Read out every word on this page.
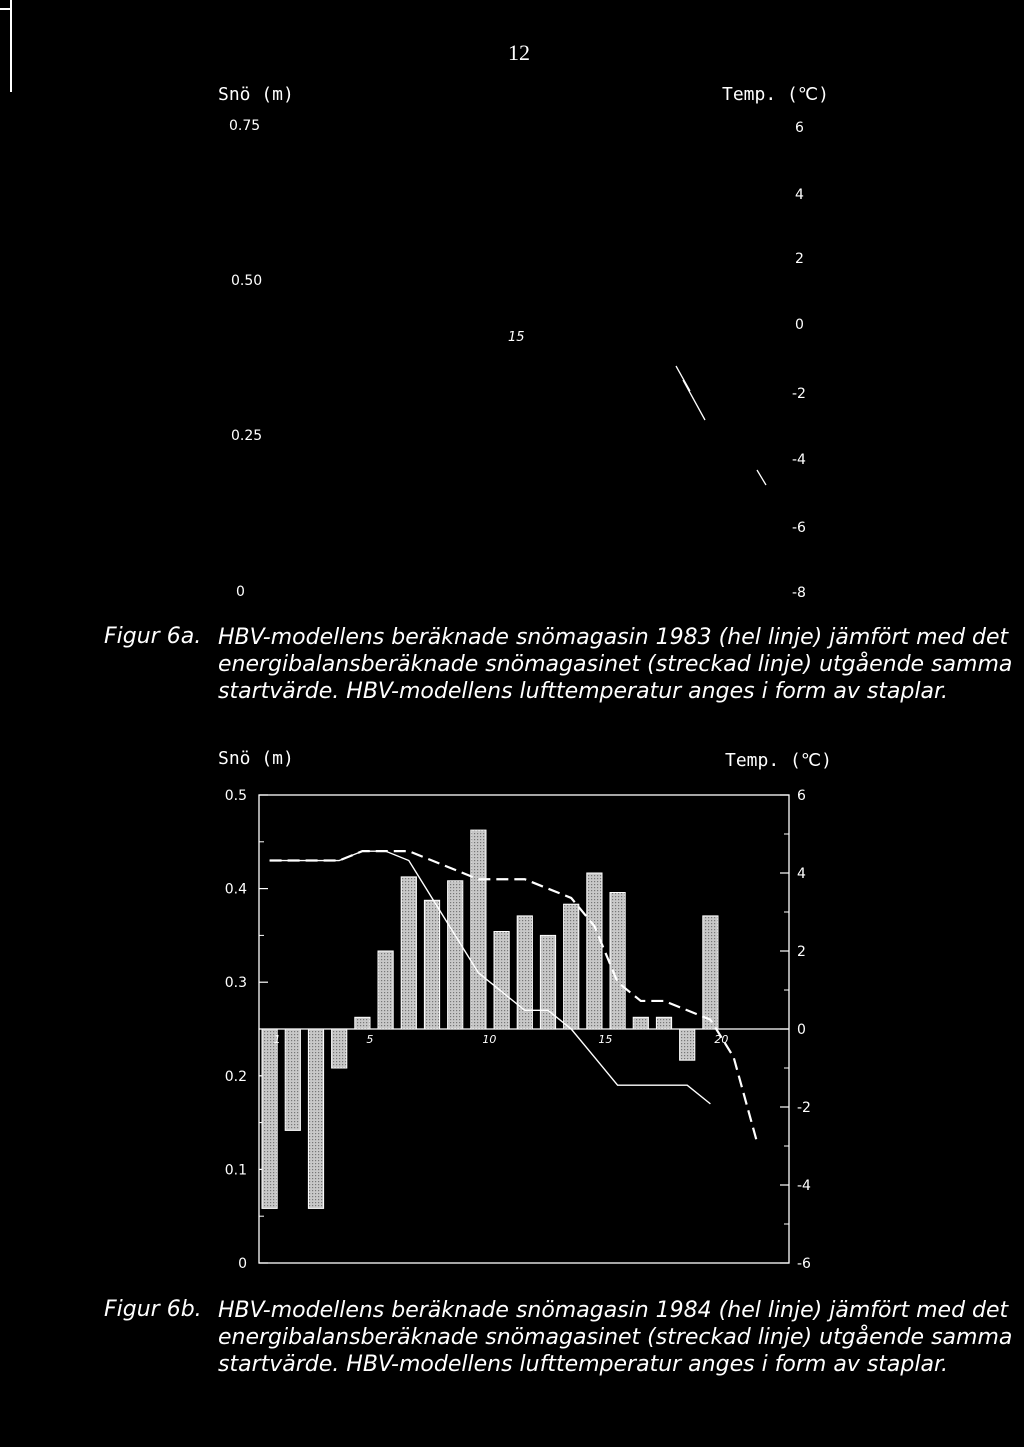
12
Snö (m)	Temp. (℃)
0.75
0.50
0.25
0
6
4
2
0
-2
-4
-6
-8
15
Figur 6a. HBV-modellens beräknade snömagasin 1983 (hel linje) jämfört med det
energibalansberäknade snömagasinet (streckad linje) utgående samma
startvärde. HBV-modellens lufttemperatur anges i form av staplar.
Snö (m)	Temp. (℃)
0
0.1
0.2
0.3
0.4
0.5
-6
-4
-2
0
2
4
6
1	5	10	15	20
Figur 6b. HBV-modellens beräknade snömagasin 1984 (hel linje) jämfört med det
energibalansberäknade snömagasinet (streckad linje) utgående samma
startvärde. HBV-modellens lufttemperatur anges i form av staplar.
